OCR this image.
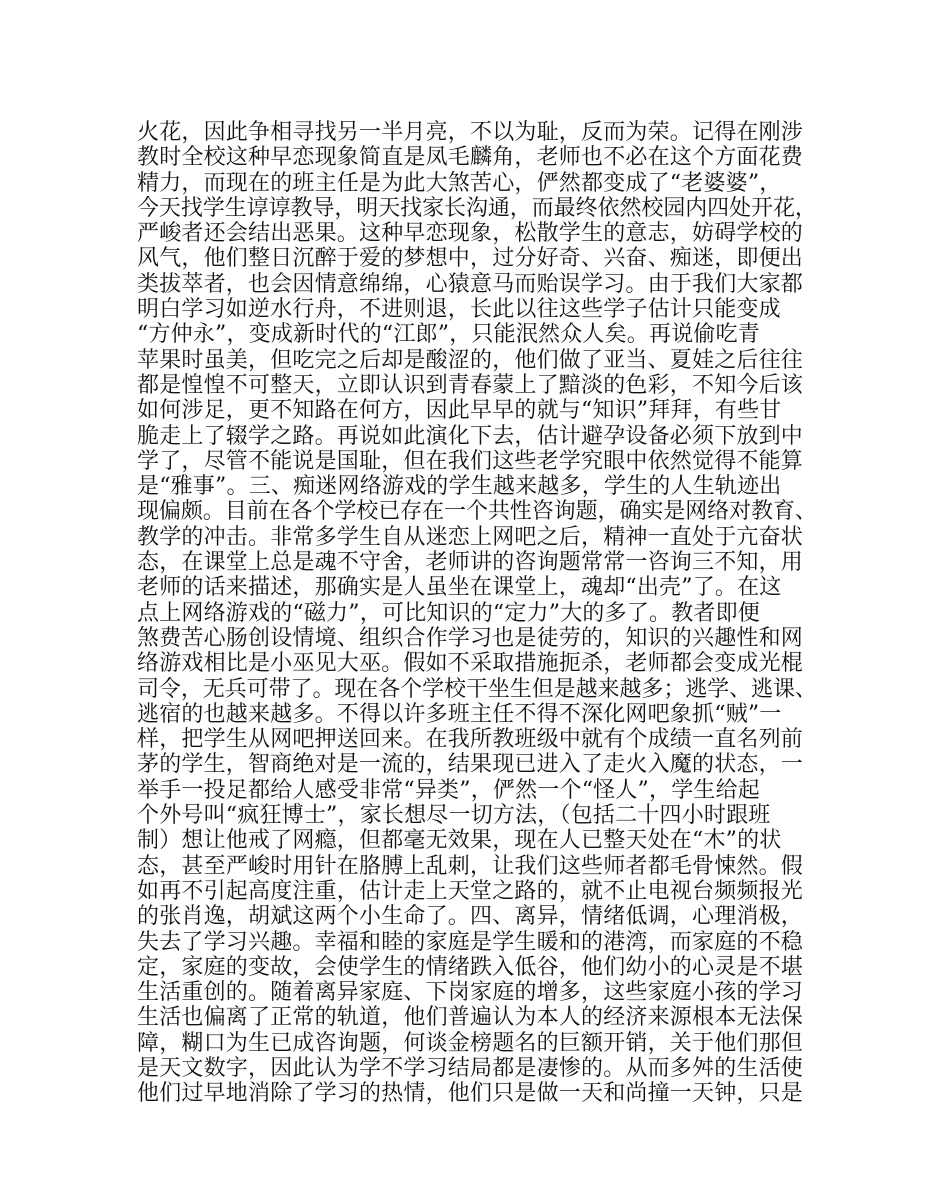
火花，因此争相寻找另一半月亮，不以为耻，反而为荣。记得在刚涉
教时全校这种早恋现象简直是凤毛麟角，老师也不必在这个方面花费
精力，而现在的班主任是为此大煞苦心，俨然都变成了“老婆婆”，
今天找学生谆谆教导，明天找家长沟通，而最终依然校园内四处开花，
严峻者还会结出恶果。这种早恋现象，松散学生的意志，妨碍学校的
风气，他们整日沉醉于爱的梦想中，过分好奇、兴奋、痴迷，即便出
类拔萃者，也会因情意绵绵，心猿意马而贻误学习。由于我们大家都
明白学习如逆水行舟，不进则退，长此以往这些学子估计只能变成
“方仲永”，变成新时代的“江郎”，只能泯然众人矣。再说偷吃青
苹果时虽美，但吃完之后却是酸涩的，他们做了亚当、夏娃之后往往
都是惶惶不可整天，立即认识到青春蒙上了黯淡的色彩，不知今后该
如何涉足，更不知路在何方，因此早早的就与“知识”拜拜，有些甘
脆走上了辍学之路。再说如此演化下去，估计避孕设备必须下放到中
学了，尽管不能说是国耻，但在我们这些老学究眼中依然觉得不能算
是“雅事”。三、痴迷网络游戏的学生越来越多，学生的人生轨迹出
现偏颇。目前在各个学校已存在一个共性咨询题，确实是网络对教育、
教学的冲击。非常多学生自从迷恋上网吧之后，精神一直处于亢奋状
态，在课堂上总是魂不守舍，老师讲的咨询题常常一咨询三不知，用
老师的话来描述，那确实是人虽坐在课堂上，魂却“出壳”了。在这
点上网络游戏的“磁力”，可比知识的“定力”大的多了。教者即便
煞费苦心肠创设情境、组织合作学习也是徒劳的，知识的兴趣性和网
络游戏相比是小巫见大巫。假如不采取措施扼杀，老师都会变成光棍
司令，无兵可带了。现在各个学校干坐生但是越来越多；逃学、逃课、
逃宿的也越来越多。不得以许多班主任不得不深化网吧象抓“贼”一
样，把学生从网吧押送回来。在我所教班级中就有个成绩一直名列前
茅的学生，智商绝对是一流的，结果现已进入了走火入魔的状态，一
举手一投足都给人感受非常“异类”，俨然一个“怪人”，学生给起
个外号叫“疯狂博士”，家长想尽一切方法，（包括二十四小时跟班
制）想让他戒了网瘾，但都毫无效果，现在人已整天处在“木”的状
态，甚至严峻时用针在胳膊上乱刺，让我们这些师者都毛骨悚然。假
如再不引起高度注重，估计走上天堂之路的，就不止电视台频频报光
的张肖逸，胡斌这两个小生命了。四、离异，情绪低调，心理消极，
失去了学习兴趣。幸福和睦的家庭是学生暖和的港湾，而家庭的不稳
定，家庭的变故，会使学生的情绪跌入低谷，他们幼小的心灵是不堪
生活重创的。随着离异家庭、下岗家庭的增多，这些家庭小孩的学习
生活也偏离了正常的轨道，他们普遍认为本人的经济来源根本无法保
障，糊口为生已成咨询题，何谈金榜题名的巨额开销，关于他们那但
是天文数字，因此认为学不学习结局都是凄惨的。从而多舛的生活使
他们过早地消除了学习的热情，他们只是做一天和尚撞一天钟，只是
